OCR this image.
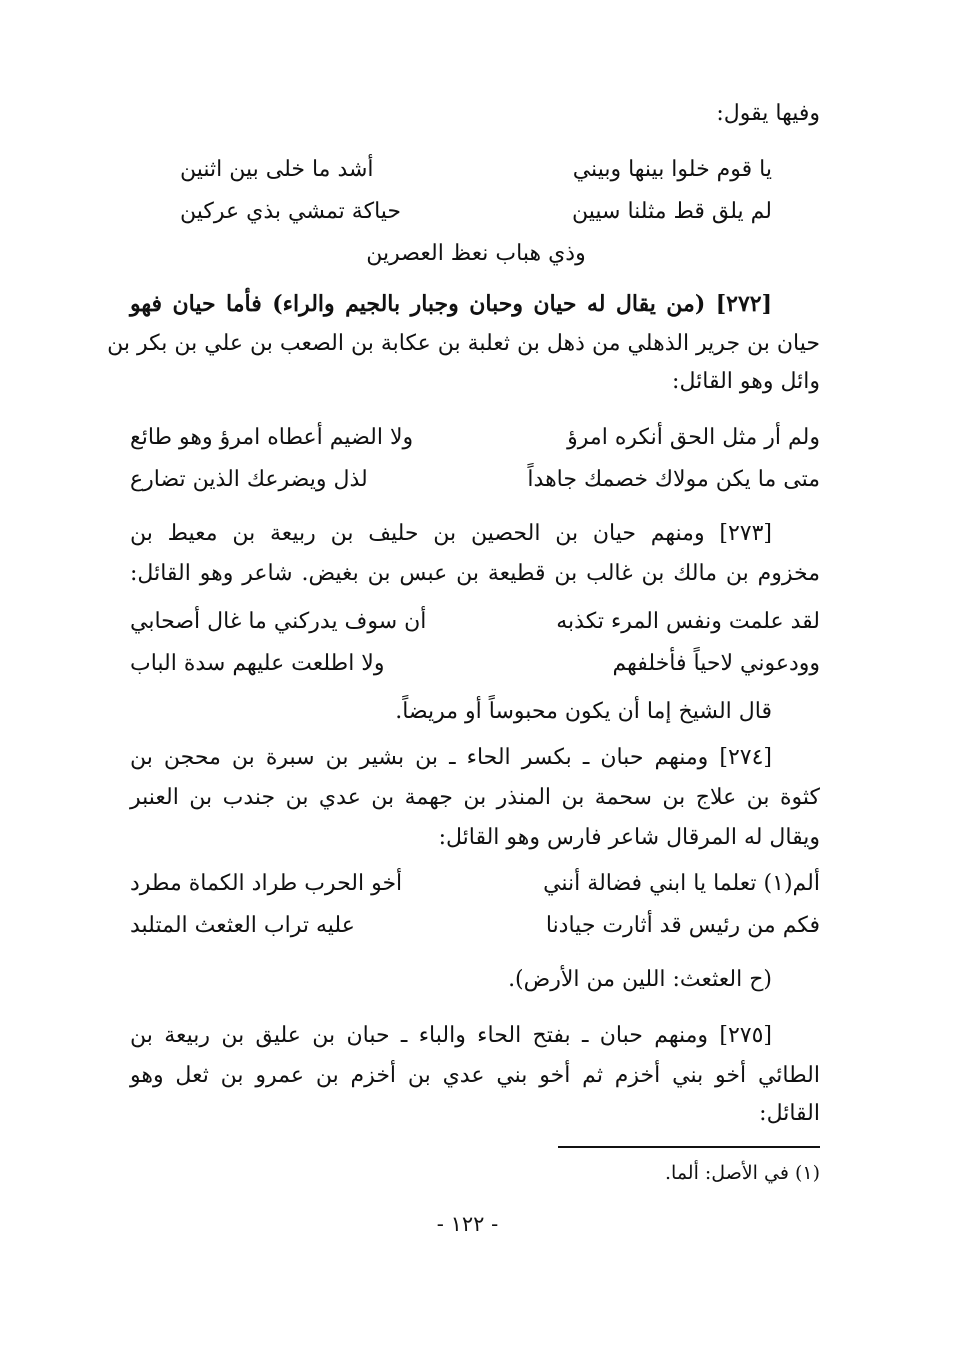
وفيها يقول:
يا قوم خلوا بينها وبيني
أشد ما خلى بين اثنين
لم يلق قط مثلنا سيين
حياكة تمشي بذي عركين
وذي هباب نعظ العصرين
[٢٧٢] (من يقال له حيان وحبان وجبار بالجيم والراء) فأما حيان فهو
حيان بن جرير الذهلي من ذهل بن ثعلبة بن عكابة بن الصعب بن علي بن بكر بن
وائل وهو القائل:
ولم أر مثل الحق أنكره امرؤ
ولا الضيم أعطاه امرؤ وهو طائع
متى ما يكن مولاك خصمك جاهداً
لذل ويضرعك الذين تضارع
[٢٧٣] ومنهم حيان بن الحصين بن حليف بن ربيعة بن معيط بن
مخزوم بن مالك بن غالب بن قطيعة بن عبس بن بغيض. شاعر وهو القائل:
لقد علمت ونفس المرء تكذبه
أن سوف يدركني ما غال أصحابي
وودعوني لاحياً فأخلفهم
ولا اطلعت عليهم سدة الباب
قال الشيخ إما أن يكون محبوساً أو مريضاً.
[٢٧٤] ومنهم حبان ـ بكسر الحاء ـ بن بشير بن سبرة بن محجن بن
كثوة بن علاج بن سحمة بن المنذر بن جهمة بن عدي بن جندب بن العنبر
ويقال له المرقال شاعر فارس وهو القائل:
ألم(١) تعلما يا ابني فضالة أنني
أخو الحرب طراد الكماة مطرد
فكم من رئيس قد أثارت جيادنا
عليه تراب العثعث المتلبد
(ح العثعث: اللين من الأرض).
[٢٧٥] ومنهم حبان ـ بفتح الحاء والباء ـ حبان بن عليق بن ربيعة بن
الطائي أخو بني أخزم ثم أخو بني عدي بن أخزم بن عمرو بن ثعل وهو
القائل:
(١) في الأصل: ألما.
- ١٢٢ -
